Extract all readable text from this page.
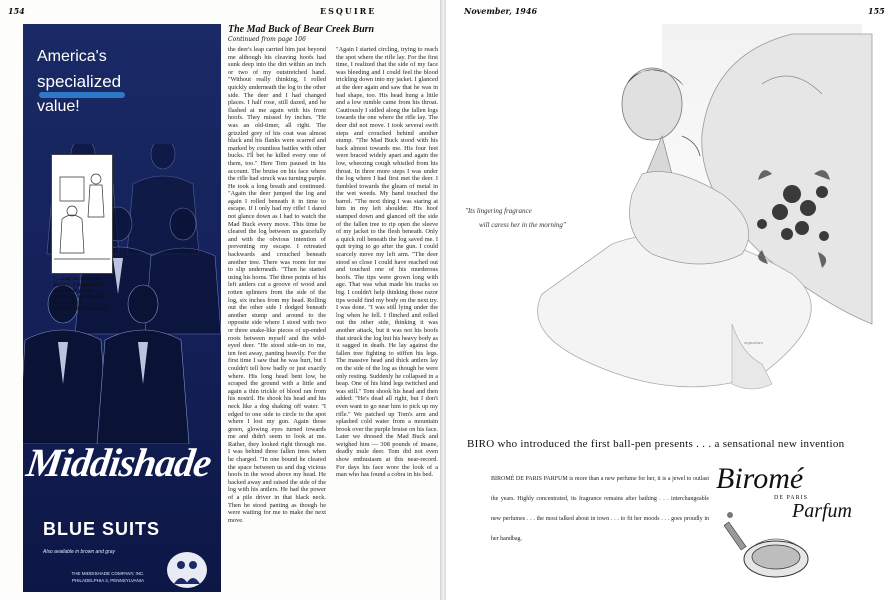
154	ESQUIRE
America's
specialized
value!
Middishade
BLUE SUITS
Also available in brown and gray
THE MIDDISHADE COMPANY, INC.
PHILADELPHIA 3, PENNSYLVANIA
The Mad Buck of Bear Creek Burn
Continued from page 106
the deer's leap carried him just beyond me although his cleaving hoofs had sunk deep into the dirt within an inch or two of my outstretched hand. "Without really thinking, I rolled quickly underneath the log to the other side. The deer and I had changed places. I half rose, still dazed, and he flashed at me again with his front hoofs. They missed by inches. "He was an old-timer, all right. The grizzled grey of his coat was almost black and his flanks were scarred and marked by countless battles with other bucks. I'll bet he killed every one of them, too." Here Tom paused in his account. The bruise on his face where the rifle had struck was turning purple. He took a long breath and continued. "Again the deer jumped the log and again I rolled beneath it in time to escape. If I only had my rifle! I dared not glance down as I had to watch the Mad Buck every move. This time he cleared the log between us gracefully and with the obvious intention of preventing my escape. I retreated backwards and crouched beneath another tree. There was room for me to slip underneath. "Then he started using his horns. The three points of his left antlers cut a groove of wood and rotten splinters from the side of the log, six inches from my head. Rolling out the other side I dodged beneath another stump and around to the opposite side where I stood with two or three snake-like pieces of up-ended roots between myself and the wild-eyed deer. "He stood side-on to me, ten feet away, panting heavily. For the first time I saw that he was hurt, but I couldn't tell how badly or just exactly where. His long head bent low, he scraped the ground with a little and again a thin trickle of blood ran from his nostril. He shook his head and his neck like a dog shaking off water. "I edged to one side to circle to the spot where I lost my gun. Again those green, glowing eyes turned towards me and didn't seem to look at me. Rather, they looked right through me. I was behind three fallen trees when he charged. "In one bound he cleared the space between us and dug vicious hoofs in the wood above my head. He backed away and raised the side of the log with his antlers. He had the power of a pile driver in that black neck. Then he stood panting as though he were waiting for me to make the next move.
"Again I started circling, trying to reach the spot where the rifle lay. For the first time, I realized that the side of my face was bleeding and I could feel the blood trickling down into my jacket. I glanced at the deer again and saw that he was in bad shape, too. His head hung a little and a low rumble came from his throat. Cautiously I sidled along the fallen logs towards the one where the rifle lay. The deer did not move. I took several swift steps and crouched behind another stump. "The Mad Buck stood with his back almost towards me. His four feet were braced widely apart and again the low, wheezing cough whistled from his throat. In three more steps I was under the log where I had first met the deer. I fumbled towards the gleam of metal in the wet weeds. My hand touched the barrel. "The next thing I was staring at him in my left shoulder. His hoof stamped down and glanced off the side of the fallen tree to rip open the sleeve of my jacket to the flesh beneath. Only a quick roll beneath the log saved me. I quit trying to go after the gun. I could scarcely move my left arm. "The deer stood so close I could have reached out and touched one of his murderous hoofs. The tips were grown long with age. That was what made his tracks so big. I couldn't help thinking those razor tips would find my body on the next try. I was done. "I was still lying under the log when he fell. I flinched and rolled out the other side, thinking it was another attack, but it was not his hoofs that struck the log but his heavy body as it sagged in death. He lay against the fallen tree fighting to stiffen his legs. The massive head and thick antlers lay on the side of the log as though he were only resting. Suddenly he collapsed in a heap. One of his hind legs twitched and was still." Tom shook his head and then added: "He's dead all right, but I don't even want to go near him to pick up my rifle." We patched up Tom's arm and splashed cold water from a mountain brook over the purple bruise on his face. Later we dressed the Mad Buck and weighed him — 308 pounds of insane, deadly mule deer. Tom did not even show enthusiasm at this near-record. For days his face wore the look of a man who has found a cobra in his bed.
"...and to my son Roger, I bequeath my third place position on the list for a 1946 Whizzerdine sedan"
November, 1946	155
signature
"Its lingering fragrance
will caress her in the morning"
BIRO who introduced the first ball-pen presents . . . a sensational new invention
BIROMÉ DE PARIS PARFUM is more than a new perfume for her, it is a jewel to outlast the years. Highly concentrated, its fragrance remains after bathing . . . interchangeable new perfumes . . . the most talked about in town . . . to fit her moods . . . goes proudly in her handbag.
Biromé
DE PARIS
Parfum
